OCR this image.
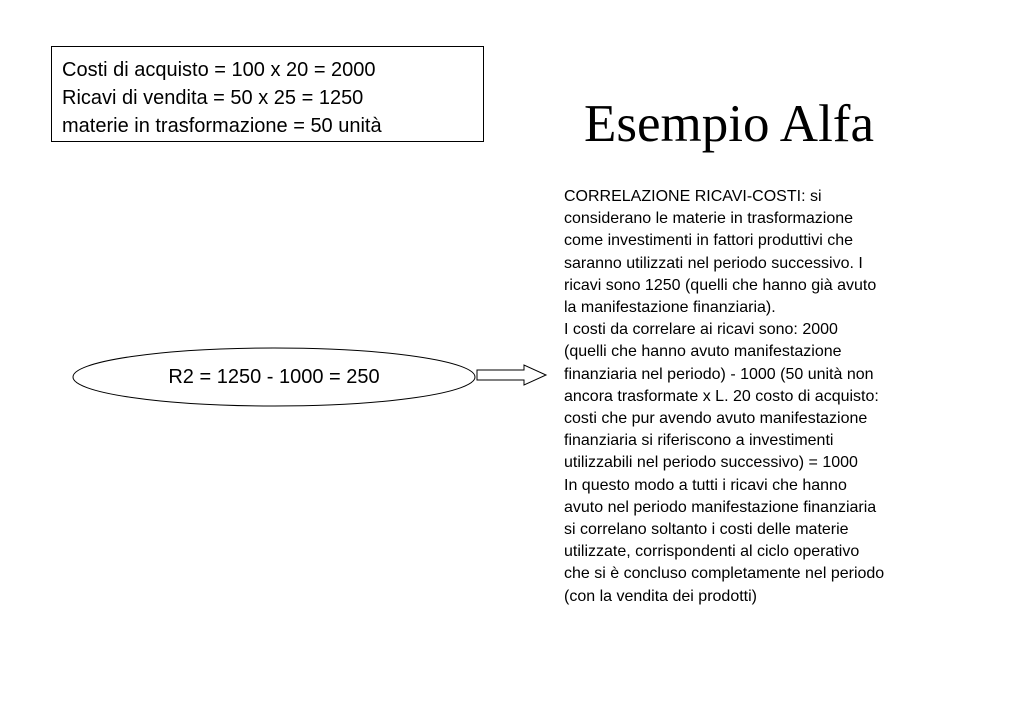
Costi di acquisto = 100 x 20 = 2000
Ricavi di vendita = 50 x 25 = 1250
materie in trasformazione = 50 unità	Esempio Alfa
R2 = 1250 - 1000 = 250
CORRELAZIONE RICAVI-COSTI: si
considerano le materie in trasformazione
come investimenti in fattori produttivi che
saranno utilizzati nel periodo successivo. I
ricavi sono 1250 (quelli che hanno già avuto
la manifestazione finanziaria).
I costi da correlare ai ricavi sono: 2000
(quelli che hanno avuto manifestazione
finanziaria nel periodo) - 1000 (50 unità non
ancora trasformate x L. 20 costo di acquisto:
costi che pur avendo avuto manifestazione
finanziaria si riferiscono a investimenti
utilizzabili nel periodo successivo) = 1000
In questo modo a tutti i ricavi che hanno
avuto nel periodo manifestazione finanziaria
si correlano soltanto i costi delle materie
utilizzate, corrispondenti al ciclo operativo
che si è concluso completamente nel periodo
(con la vendita dei prodotti)
